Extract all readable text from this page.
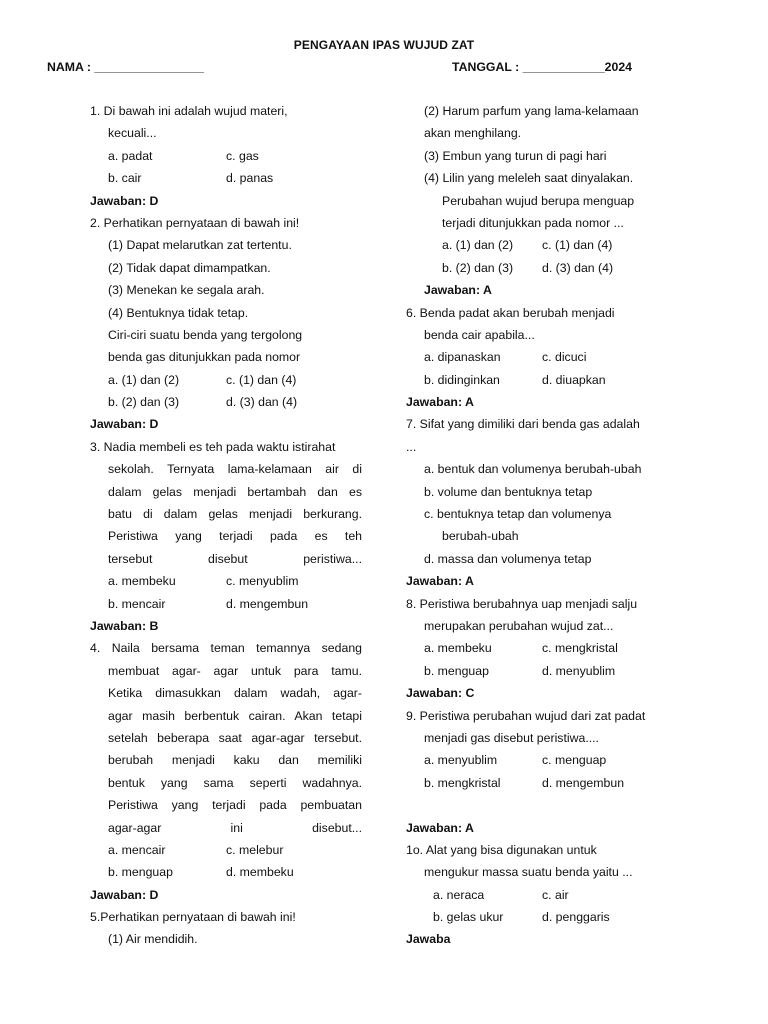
PENGAYAAN IPAS WUJUD ZAT
NAMA : ________________	TANGGAL : ____________2024
1. Di bawah ini adalah wujud materi,
kecuali...
a. padat	c. gas
b. cair	d. panas
Jawaban: D
2. Perhatikan pernyataan di bawah ini!
(1) Dapat melarutkan zat tertentu.
(2) Tidak dapat dimampatkan.
(3) Menekan ke segala arah.
(4) Bentuknya tidak tetap.
Ciri-ciri suatu benda yang tergolong
benda gas ditunjukkan pada nomor
a. (1) dan (2)	c. (1) dan (4)
b. (2) dan (3)	d. (3) dan (4)
Jawaban: D
3. Nadia membeli es teh pada waktu istirahat
sekolah. Ternyata lama-kelamaan air di
dalam gelas menjadi bertambah dan es
batu di dalam gelas menjadi berkurang.
Peristiwa yang terjadi pada es teh
tersebut disebut peristiwa...
a. membeku	c. menyublim
b. mencair	d. mengembun
Jawaban: B
4. Naila bersama teman temannya sedang
membuat agar- agar untuk para tamu.
Ketika dimasukkan dalam wadah, agar-
agar masih berbentuk cairan. Akan tetapi
setelah beberapa saat agar-agar tersebut.
berubah menjadi kaku dan memiliki
bentuk yang sama seperti wadahnya.
Peristiwa yang terjadi pada pembuatan
agar-agar ini disebut...
a. mencair	c. melebur
b. menguap	d. membeku
Jawaban: D
5.Perhatikan pernyataan di bawah ini!
(1) Air mendidih.
(2) Harum parfum yang lama-kelamaan
akan menghilang.
(3) Embun yang turun di pagi hari
(4) Lilin yang meleleh saat dinyalakan.
Perubahan wujud berupa menguap
terjadi ditunjukkan pada nomor ...
a. (1) dan (2)	c. (1) dan (4)
b. (2) dan (3)	d. (3) dan (4)
Jawaban: A
6. Benda padat akan berubah menjadi
benda cair apabila...
a. dipanaskan	c. dicuci
b. didinginkan	d. diuapkan
Jawaban: A
7. Sifat yang dimiliki dari benda gas adalah
...
a. bentuk dan volumenya berubah-ubah
b. volume dan bentuknya tetap
c. bentuknya tetap dan volumenya
berubah-ubah
d. massa dan volumenya tetap
Jawaban: A
8. Peristiwa berubahnya uap menjadi salju
merupakan perubahan wujud zat...
a. membeku	c. mengkristal
b. menguap	d. menyublim
Jawaban: C
9. Peristiwa perubahan wujud dari zat padat
menjadi gas disebut peristiwa....
a. menyublim	c. menguap
b. mengkristal	d. mengembun
Jawaban: A
1o. Alat yang bisa digunakan untuk
mengukur massa suatu benda yaitu ...
a. neraca	c. air
b. gelas ukur	d. penggaris
Jawaba
